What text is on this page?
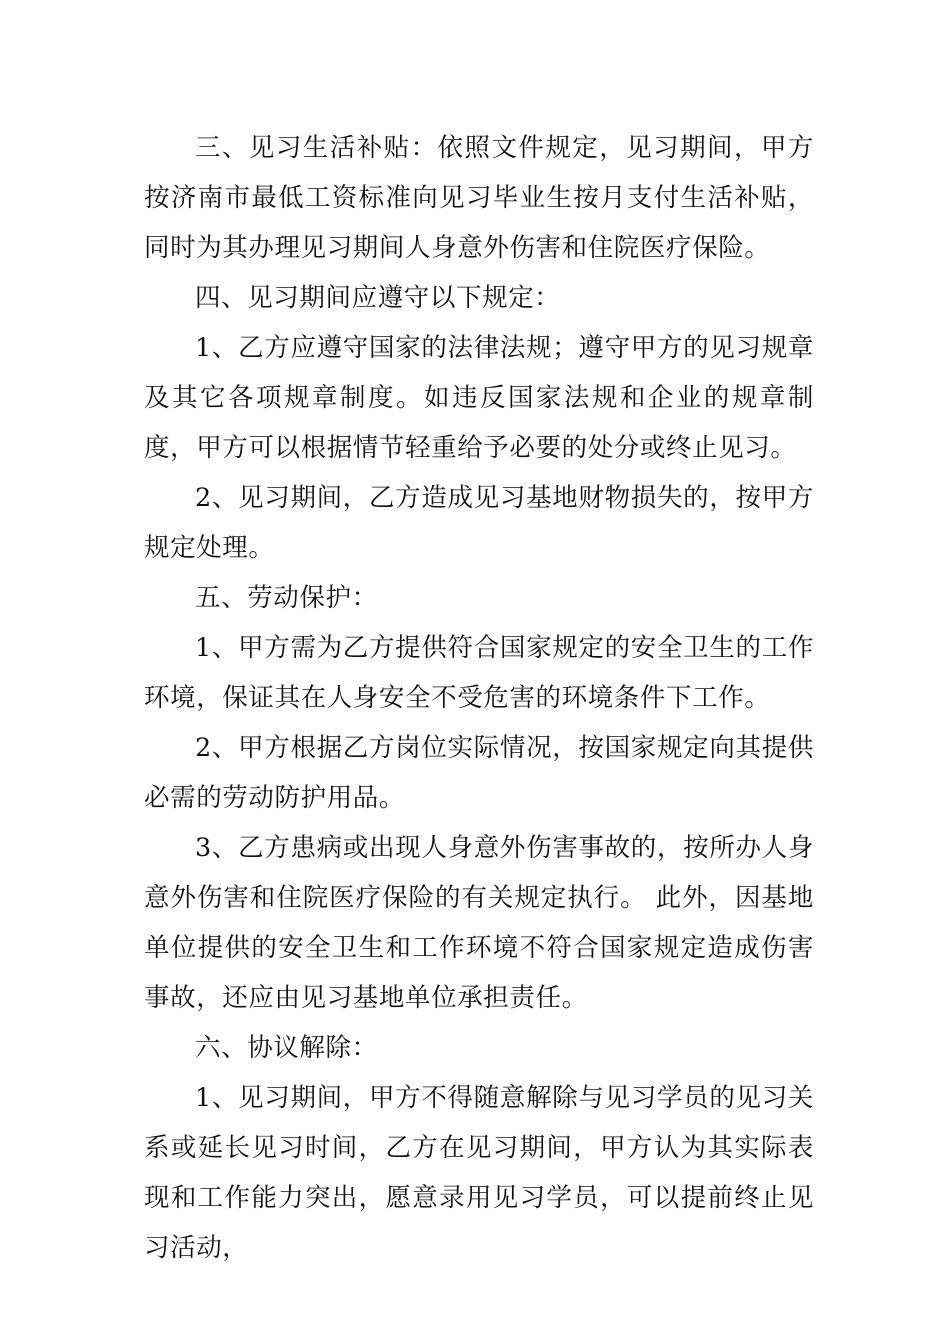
三、见习生活补贴：依照文件规定，见习期间，甲方按济南市最低工资标准向见习毕业生按月支付生活补贴，同时为其办理见习期间人身意外伤害和住院医疗保险。

四、见习期间应遵守以下规定：

1、乙方应遵守国家的法律法规；遵守甲方的见习规章及其它各项规章制度。如违反国家法规和企业的规章制度，甲方可以根据情节轻重给予必要的处分或终止见习。

2、见习期间，乙方造成见习基地财物损失的，按甲方规定处理。

五、劳动保护：

1、甲方需为乙方提供符合国家规定的安全卫生的工作环境，保证其在人身安全不受危害的环境条件下工作。

2、甲方根据乙方岗位实际情况，按国家规定向其提供必需的劳动防护用品。

3、乙方患病或出现人身意外伤害事故的，按所办人身意外伤害和住院医疗保险的有关规定执行。 此外，因基地单位提供的安全卫生和工作环境不符合国家规定造成伤害事故，还应由见习基地单位承担责任。

六、协议解除：

1、见习期间，甲方不得随意解除与见习学员的见习关系或延长见习时间，乙方在见习期间，甲方认为其实际表现和工作能力突出，愿意录用见习学员，可以提前终止见习活动，
